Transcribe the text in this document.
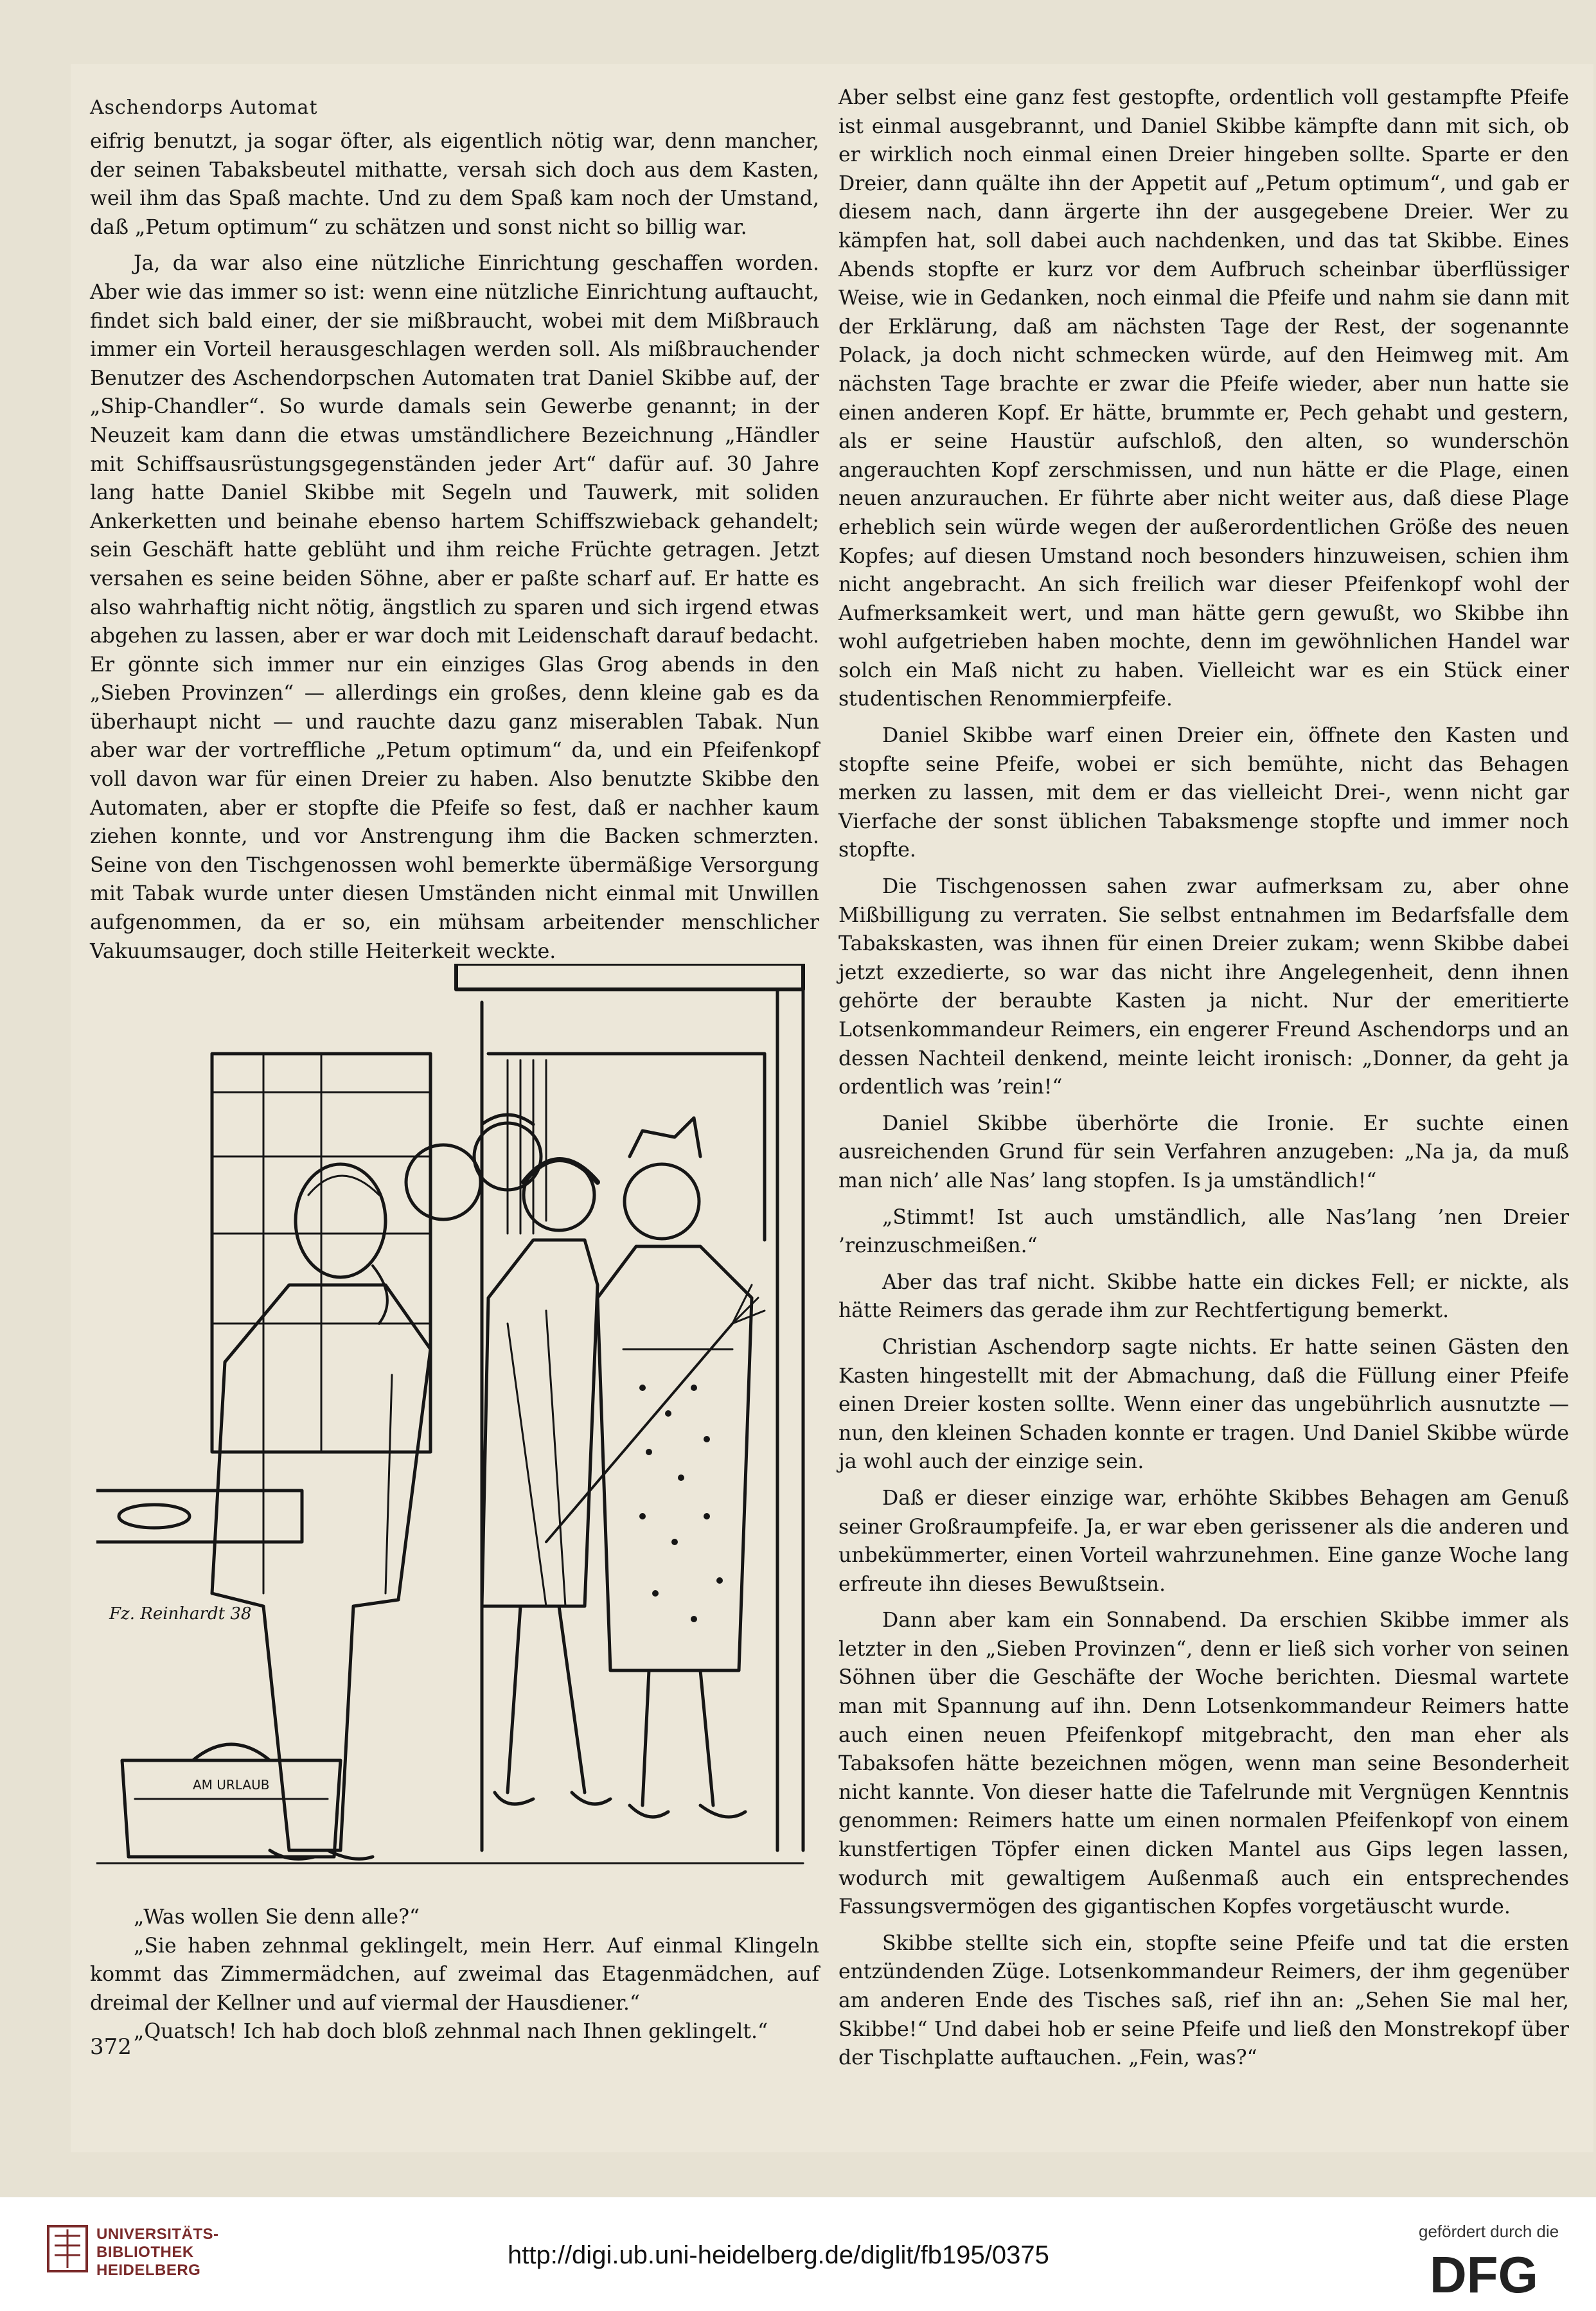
Aschendorps Automat

eifrig benutzt, ja sogar öfter, als eigentlich nötig war, denn mancher, der seinen Tabaksbeutel mithatte, versah sich doch aus dem Kasten, weil ihm das Spaß machte. Und zu dem Spaß kam noch der Umstand, daß „Petum optimum“ zu schätzen und sonst nicht so billig war.

Ja, da war also eine nützliche Einrichtung geschaffen worden. Aber wie das immer so ist: wenn eine nützliche Einrichtung auftaucht, findet sich bald einer, der sie mißbraucht, wobei mit dem Mißbrauch immer ein Vorteil herausgeschlagen werden soll. Als mißbrauchender Benutzer des Aschendorpschen Automaten trat Daniel Skibbe auf, der „Ship-Chandler“. So wurde damals sein Gewerbe genannt; in der Neuzeit kam dann die etwas umständlichere Bezeichnung „Händler mit Schiffsausrüstungsgegenständen jeder Art“ dafür auf. 30 Jahre lang hatte Daniel Skibbe mit Segeln und Tauwerk, mit soliden Ankerketten und beinahe ebenso hartem Schiffszwieback gehandelt; sein Geschäft hatte geblüht und ihm reiche Früchte getragen. Jetzt versahen es seine beiden Söhne, aber er paßte scharf auf. Er hatte es also wahrhaftig nicht nötig, ängstlich zu sparen und sich irgend etwas abgehen zu lassen, aber er war doch mit Leidenschaft darauf bedacht. Er gönnte sich immer nur ein einziges Glas Grog abends in den „Sieben Provinzen“ — allerdings ein großes, denn kleine gab es da überhaupt nicht — und rauchte dazu ganz miserablen Tabak. Nun aber war der vortreffliche „Petum optimum“ da, und ein Pfeifenkopf voll davon war für einen Dreier zu haben. Also benutzte Skibbe den Automaten, aber er stopfte die Pfeife so fest, daß er nachher kaum ziehen konnte, und vor Anstrengung ihm die Backen schmerzten. Seine von den Tischgenossen wohl bemerkte übermäßige Versorgung mit Tabak wurde unter diesen Umständen nicht einmal mit Unwillen aufgenommen, da er so, ein mühsam arbeitender menschlicher Vakuumsauger, doch stille Heiterkeit weckte.

Fz. Reinhardt 38
AM URLAUB

„Was wollen Sie denn alle?“

„Sie haben zehnmal geklingelt, mein Herr. Auf einmal Klingeln kommt das Zimmermädchen, auf zweimal das Etagenmädchen, auf dreimal der Kellner und auf viermal der Hausdiener.“

„Quatsch! Ich hab doch bloß zehnmal nach Ihnen geklingelt.“

372

Aber selbst eine ganz fest gestopfte, ordentlich voll gestampfte Pfeife ist einmal ausgebrannt, und Daniel Skibbe kämpfte dann mit sich, ob er wirklich noch einmal einen Dreier hingeben sollte. Sparte er den Dreier, dann quälte ihn der Appetit auf „Petum optimum“, und gab er diesem nach, dann ärgerte ihn der ausgegebene Dreier. Wer zu kämpfen hat, soll dabei auch nachdenken, und das tat Skibbe. Eines Abends stopfte er kurz vor dem Aufbruch scheinbar überflüssiger Weise, wie in Gedanken, noch einmal die Pfeife und nahm sie dann mit der Erklärung, daß am nächsten Tage der Rest, der sogenannte Polack, ja doch nicht schmecken würde, auf den Heimweg mit. Am nächsten Tage brachte er zwar die Pfeife wieder, aber nun hatte sie einen anderen Kopf. Er hätte, brummte er, Pech gehabt und gestern, als er seine Haustür aufschloß, den alten, so wunderschön angerauchten Kopf zerschmissen, und nun hätte er die Plage, einen neuen anzurauchen. Er führte aber nicht weiter aus, daß diese Plage erheblich sein würde wegen der außerordentlichen Größe des neuen Kopfes; auf diesen Umstand noch besonders hinzuweisen, schien ihm nicht angebracht. An sich freilich war dieser Pfeifenkopf wohl der Aufmerksamkeit wert, und man hätte gern gewußt, wo Skibbe ihn wohl aufgetrieben haben mochte, denn im gewöhnlichen Handel war solch ein Maß nicht zu haben. Vielleicht war es ein Stück einer studentischen Renommierpfeife.

Daniel Skibbe warf einen Dreier ein, öffnete den Kasten und stopfte seine Pfeife, wobei er sich bemühte, nicht das Behagen merken zu lassen, mit dem er das vielleicht Drei-, wenn nicht gar Vierfache der sonst üblichen Tabaksmenge stopfte und immer noch stopfte.

Die Tischgenossen sahen zwar aufmerksam zu, aber ohne Mißbilligung zu verraten. Sie selbst entnahmen im Bedarfsfalle dem Tabakskasten, was ihnen für einen Dreier zukam; wenn Skibbe dabei jetzt exzedierte, so war das nicht ihre Angelegenheit, denn ihnen gehörte der beraubte Kasten ja nicht. Nur der emeritierte Lotsenkommandeur Reimers, ein engerer Freund Aschendorps und an dessen Nachteil denkend, meinte leicht ironisch: „Donner, da geht ja ordentlich was ’rein!“

Daniel Skibbe überhörte die Ironie. Er suchte einen ausreichenden Grund für sein Verfahren anzugeben: „Na ja, da muß man nich’ alle Nas’ lang stopfen. Is ja umständlich!“

„Stimmt! Ist auch umständlich, alle Nas’lang ’nen Dreier ’reinzuschmeißen.“

Aber das traf nicht. Skibbe hatte ein dickes Fell; er nickte, als hätte Reimers das gerade ihm zur Rechtfertigung bemerkt.

Christian Aschendorp sagte nichts. Er hatte seinen Gästen den Kasten hingestellt mit der Abmachung, daß die Füllung einer Pfeife einen Dreier kosten sollte. Wenn einer das ungebührlich ausnutzte — nun, den kleinen Schaden konnte er tragen. Und Daniel Skibbe würde ja wohl auch der einzige sein.

Daß er dieser einzige war, erhöhte Skibbes Behagen am Genuß seiner Großraumpfeife. Ja, er war eben gerissener als die anderen und unbekümmerter, einen Vorteil wahrzunehmen. Eine ganze Woche lang erfreute ihn dieses Bewußtsein.

Dann aber kam ein Sonnabend. Da erschien Skibbe immer als letzter in den „Sieben Provinzen“, denn er ließ sich vorher von seinen Söhnen über die Geschäfte der Woche berichten. Diesmal wartete man mit Spannung auf ihn. Denn Lotsenkommandeur Reimers hatte auch einen neuen Pfeifenkopf mitgebracht, den man eher als Tabaksofen hätte bezeichnen mögen, wenn man seine Besonderheit nicht kannte. Von dieser hatte die Tafelrunde mit Vergnügen Kenntnis genommen: Reimers hatte um einen normalen Pfeifenkopf von einem kunstfertigen Töpfer einen dicken Mantel aus Gips legen lassen, wodurch mit gewaltigem Außenmaß auch ein entsprechendes Fassungsvermögen des gigantischen Kopfes vorgetäuscht wurde.

Skibbe stellte sich ein, stopfte seine Pfeife und tat die ersten entzündenden Züge. Lotsenkommandeur Reimers, der ihm gegenüber am anderen Ende des Tisches saß, rief ihn an: „Sehen Sie mal her, Skibbe!“ Und dabei hob er seine Pfeife und ließ den Monstrekopf über der Tischplatte auftauchen. „Fein, was?“

UNIVERSITÄTS-
BIBLIOTHEK
HEIDELBERG
http://digi.ub.uni-heidelberg.de/diglit/fb195/0375
gefördert durch die
DFG
